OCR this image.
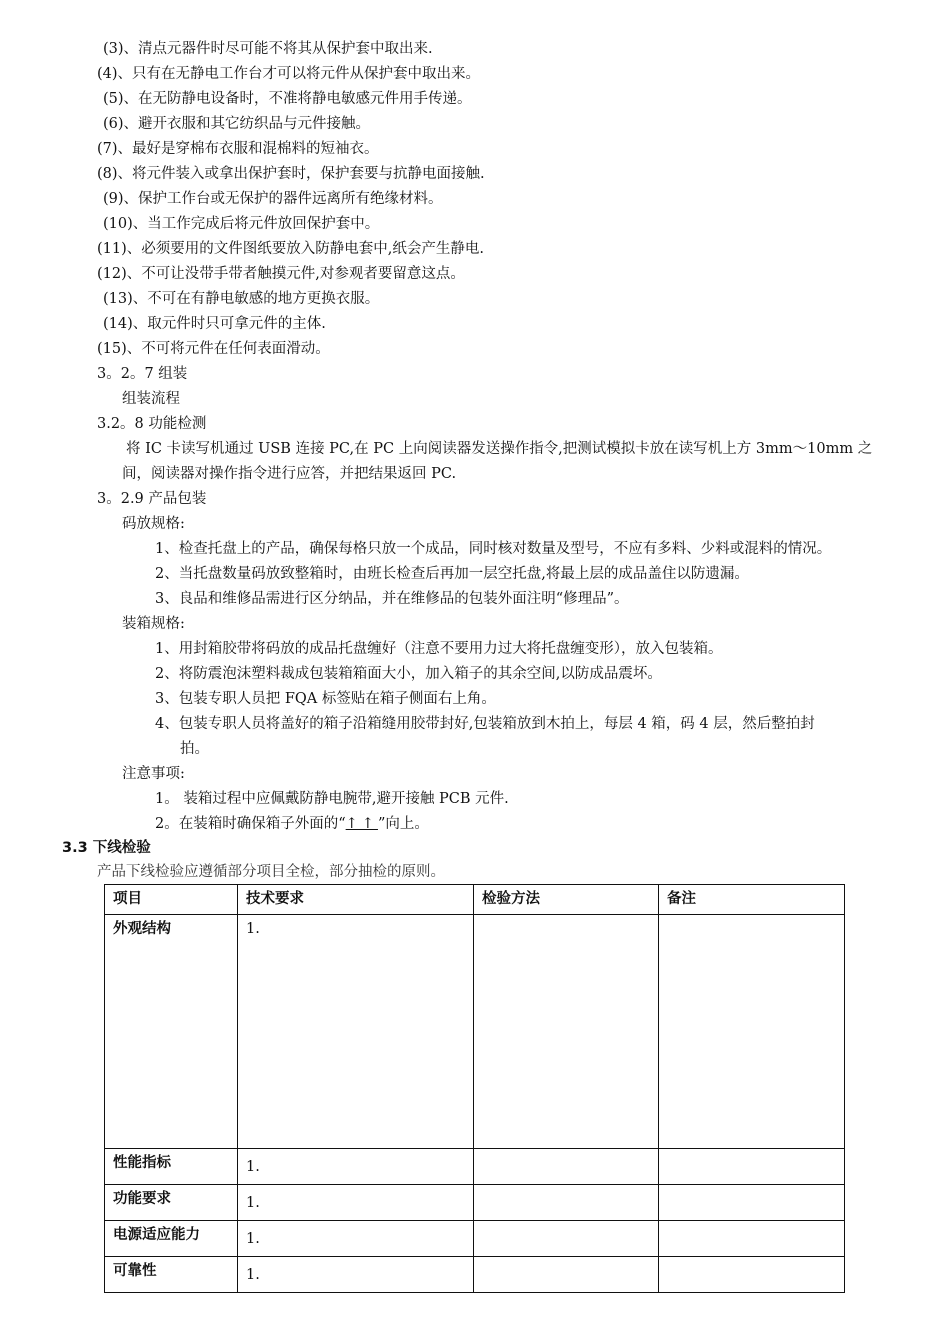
(3)、清点元器件时尽可能不将其从保护套中取出来.
(4)、只有在无静电工作台才可以将元件从保护套中取出来。
(5)、在无防静电设备时，不准将静电敏感元件用手传递。
(6)、避开衣服和其它纺织品与元件接触。
(7)、最好是穿棉布衣服和混棉料的短袖衣。
(8)、将元件装入或拿出保护套时，保护套要与抗静电面接触.
(9)、保护工作台或无保护的器件远离所有绝缘材料。
(10)、当工作完成后将元件放回保护套中。
(11)、必须要用的文件图纸要放入防静电套中,纸会产生静电.
(12)、不可让没带手带者触摸元件,对参观者要留意这点。
(13)、不可在有静电敏感的地方更换衣服。
(14)、取元件时只可拿元件的主体.
(15)、不可将元件在任何表面滑动。
3。2。7 组装
组装流程
3.2。8 功能检测
将 IC 卡读写机通过 USB 连接 PC,在 PC 上向阅读器发送操作指令,把测试模拟卡放在读写机上方 3mm～10mm 之
间，阅读器对操作指令进行应答，并把结果返回 PC.
3。2.9 产品包装
码放规格:
1、检查托盘上的产品，确保每格只放一个成品，同时核对数量及型号，不应有多料、少料或混料的情况。
2、当托盘数量码放致整箱时，由班长检查后再加一层空托盘,将最上层的成品盖住以防遗漏。
3、良品和维修品需进行区分纳品，并在维修品的包装外面注明“修理品”。
装箱规格:
1、用封箱胶带将码放的成品托盘缠好（注意不要用力过大将托盘缠变形），放入包装箱。
2、将防震泡沫塑料裁成包装箱箱面大小，加入箱子的其余空间,以防成品震坏。
3、包装专职人员把 FQA 标签贴在箱子侧面右上角。
4、包装专职人员将盖好的箱子沿箱缝用胶带封好,包装箱放到木拍上，每层 4 箱，码 4 层，然后整拍封
拍。
注意事项:
1。 装箱过程中应佩戴防静电腕带,避开接触 PCB 元件.
2。在装箱时确保箱子外面的“↑↑”向上。
3.3 下线检验
产品下线检验应遵循部分项目全检，部分抽检的原则。
项目	技术要求	检验方法	备注
外观结构	1.		
性能指标	1.		
功能要求	1.		
电源适应能力	1.		
可靠性	1.		
